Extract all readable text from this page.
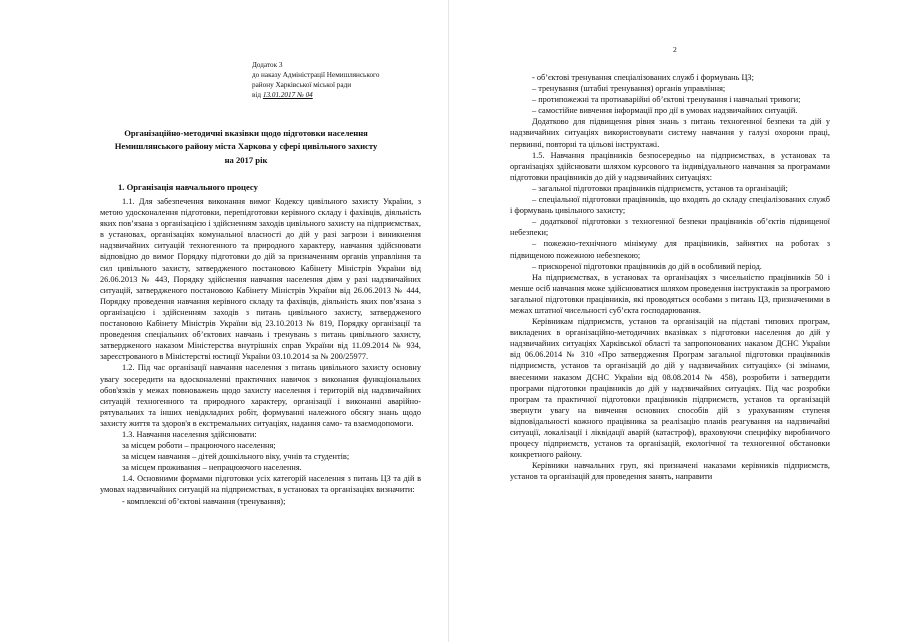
Додаток 3
до наказу Адміністрації Немишлянського
району Харківської міської ради
від 13.01.2017 № 04
Організаційно-методичні вказівки щодо підготовки населення
Немишлянського району міста Харкова у сфері цивільного захисту
на 2017 рік
1. Організація навчального процесу

1.1. Для забезпечення виконання вимог Кодексу цивільного захисту України, з метою удосконалення підготовки, перепідготовки керівного складу і фахівців, діяльність яких пов’язана з організацією і здійсненням заходів цивільного захисту на підприємствах, в установах, організаціях комунальної власності до дій у разі загрози і виникнення надзвичайних ситуацій техногенного та природного характеру, навчання здійснювати відповідно до вимог Порядку підготовки до дій за призначенням органів управління та сил цивільного захисту, затвердженого постановою Кабінету Міністрів України від 26.06.2013 № 443, Порядку здійснення навчання населення діям у разі надзвичайних ситуацій, затвердженого постановою Кабінету Міністрів України від 26.06.2013 № 444, Порядку проведення навчання керівного складу та фахівців, діяльність яких пов’язана з організацією і здійсненням заходів з питань цивільного захисту, затвердженого постановою Кабінету Міністрів України від 23.10.2013 № 819, Порядку організації та проведення спеціальних об’єктових навчань і тренувань з питань цивільного захисту, затвердженого наказом Міністерства внутрішніх справ України від 11.09.2014 № 934, зареєстрованого в Міністерстві юстиції України 03.10.2014 за № 200/25977.

1.2. Під час організації навчання населення з питань цивільного захисту основну увагу зосередити на вдосконаленні практичних навичок з виконання функціональних обов'язків у межах повноважень щодо захисту населення і територій від надзвичайних ситуацій техногенного та природного характеру, організації і виконанні аварійно-рятувальних та інших невідкладних робіт, формуванні належного обсягу знань щодо захисту життя та здоров'я в екстремальних ситуаціях, надання само- та взаємодопомоги.

1.3. Навчання населення здійснювати:

за місцем роботи – працюючого населення;

за місцем навчання – дітей дошкільного віку, учнів та студентів;

за місцем проживання – непрацюючого населення.

1.4. Основними формами підготовки усіх категорій населення з питань ЦЗ та дій в умовах надзвичайних ситуацій на підприємствах, в установах та організаціях визначити:

- комплексні об’єктові навчання (тренування);

2

- об’єктові тренування спеціалізованих служб і формувань ЦЗ;

– тренування (штабні тренування) органів управління;

– протипожежні та протиаварійні об’єктові тренування і навчальні тривоги;

– самостійне вивчення інформації про дії в умовах надзвичайних ситуацій.

Додатково для підвищення рівня знань з питань техногенної безпеки та дій у надзвичайних ситуаціях використовувати систему навчання у галузі охорони праці, первинні, повторні та цільові інструктажі.

1.5. Навчання працівників безпосередньо на підприємствах, в установах та організаціях здійснювати шляхом курсового та індивідуального навчання за програмами підготовки працівників до дій у надзвичайних ситуаціях:

– загальної підготовки працівників підприємств, установ та організацій;

– спеціальної підготовки працівників, що входять до складу спеціалізованих служб і формувань цивільного захисту;

– додаткової підготовки з техногенної безпеки працівників об’єктів підвищеної небезпеки;

– пожежно-технічного мінімуму для працівників, зайнятих на роботах з підвищеною пожежною небезпекою;

– прискореної підготовки працівників до дій в особливий період.

На підприємствах, в установах та організаціях з чисельністю працівників 50 і менше осіб навчання може здійснюватися шляхом проведення інструктажів за програмою загальної підготовки працівників, які проводяться особами з питань ЦЗ, призначеними в межах штатної чисельності суб’єкта господарювання.

Керівникам підприємств, установ та організацій на підставі типових програм, викладених в організаційно-методичних вказівках з підготовки населення до дій у надзвичайних ситуаціях Харківської області та запропонованих наказом ДСНС України від 06.06.2014 № 310 «Про затвердження Програм загальної підготовки працівників підприємств, установ та організацій до дій у надзвичайних ситуаціях» (зі змінами, внесеними наказом ДСНС України від 08.08.2014 № 458), розробити і затвердити програми підготовки працівників до дій у надзвичайних ситуаціях. Під час розробки програм та практичної підготовки працівників підприємств, установ та організацій звернути увагу на вивчення основних способів дій з урахуванням ступеня відповідальності кожного працівника за реалізацію планів реагування на надзвичайні ситуації, локалізації і ліквідації аварій (катастроф), враховуючи специфіку виробничого процесу підприємств, установ та організацій, екологічної та техногенної обстановки конкретного району.

Керівники навчальних груп, які призначені наказами керівників підприємств, установ та організацій для проведення занять, направити
